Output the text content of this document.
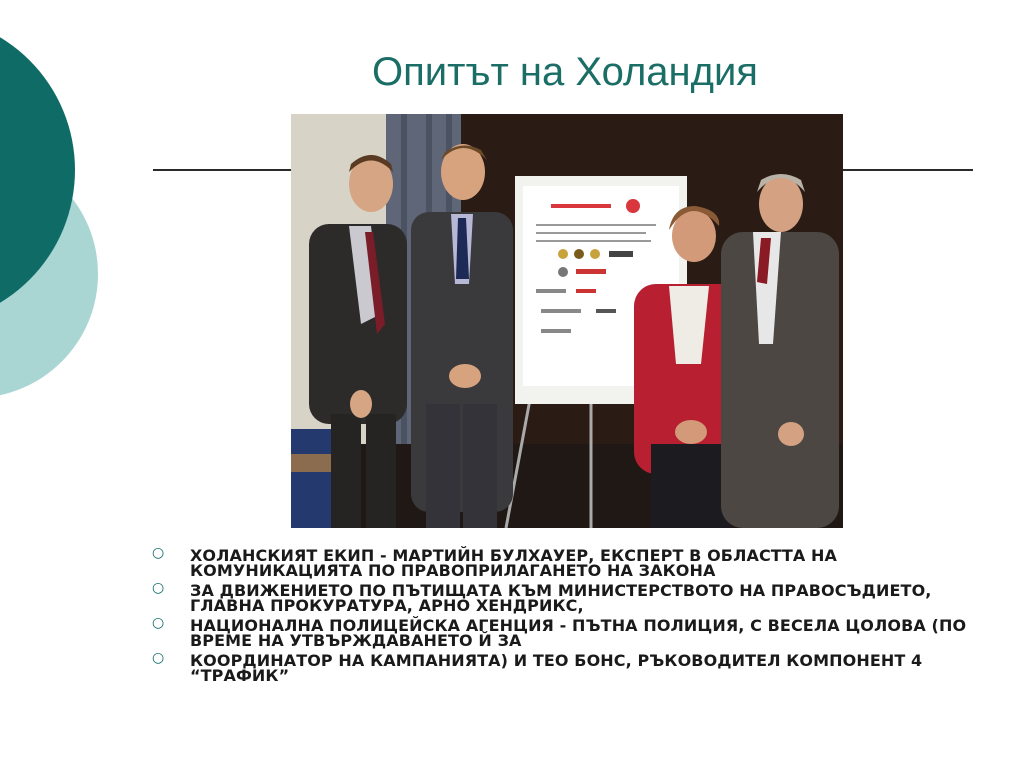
Опитът на Холандия
○ ХОЛАНСКИЯТ ЕКИП - МАРТИЙН БУЛХАУЕР, ЕКСПЕРТ В ОБЛАСТТА НА КОМУНИКАЦИЯТА ПО ПРАВОПРИЛАГАНЕТО НА ЗАКОНА
○ ЗА ДВИЖЕНИЕТО ПО ПЪТИЩАТА КЪМ МИНИСТЕРСТВОТО НА ПРАВОСЪДИЕТО, ГЛАВНА ПРОКУРАТУРА, АРНО ХЕНДРИКС,
○ НАЦИОНАЛНА ПОЛИЦЕЙСКА АГЕНЦИЯ - ПЪТНА ПОЛИЦИЯ, С ВЕСЕЛА ЦОЛОВА (ПО ВРЕМЕ НА УТВЪРЖДАВАНЕТО Й ЗА
○ КООРДИНАТОР НА КАМПАНИЯТА) И ТЕО БОНС, РЪКОВОДИТЕЛ КОМПОНЕНТ 4 “ТРАФИК”
